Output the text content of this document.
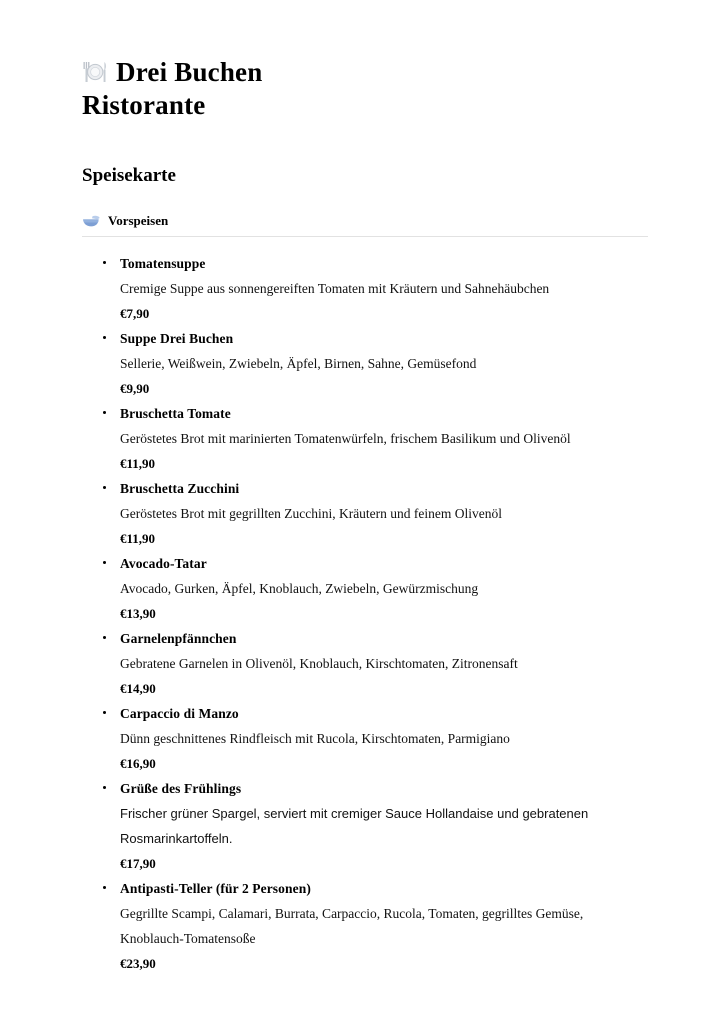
Drei Buchen Ristorante
Speisekarte
Vorspeisen
Tomatensuppe
Cremige Suppe aus sonnengereiften Tomaten mit Kräutern und Sahnehäubchen
€7,90
Suppe Drei Buchen
Sellerie, Weißwein, Zwiebeln, Äpfel, Birnen, Sahne, Gemüsefond
€9,90
Bruschetta Tomate
Geröstetes Brot mit marinierten Tomatenwürfeln, frischem Basilikum und Olivenöl
€11,90
Bruschetta Zucchini
Geröstetes Brot mit gegrillten Zucchini, Kräutern und feinem Olivenöl
€11,90
Avocado-Tatar
Avocado, Gurken, Äpfel, Knoblauch, Zwiebeln, Gewürzmischung
€13,90
Garnelenpfännchen
Gebratene Garnelen in Olivenöl, Knoblauch, Kirschtomaten, Zitronensaft
€14,90
Carpaccio di Manzo
Dünn geschnittenes Rindfleisch mit Rucola, Kirschtomaten, Parmigiano
€16,90
Grüße des Frühlings
Frischer grüner Spargel, serviert mit cremiger Sauce Hollandaise und gebratenen Rosmarinkartoffeln.
€17,90
Antipasti-Teller (für 2 Personen)
Gegrillte Scampi, Calamari, Burrata, Carpaccio, Rucola, Tomaten, gegrilltes Gemüse, Knoblauch-Tomatensoße
€23,90
